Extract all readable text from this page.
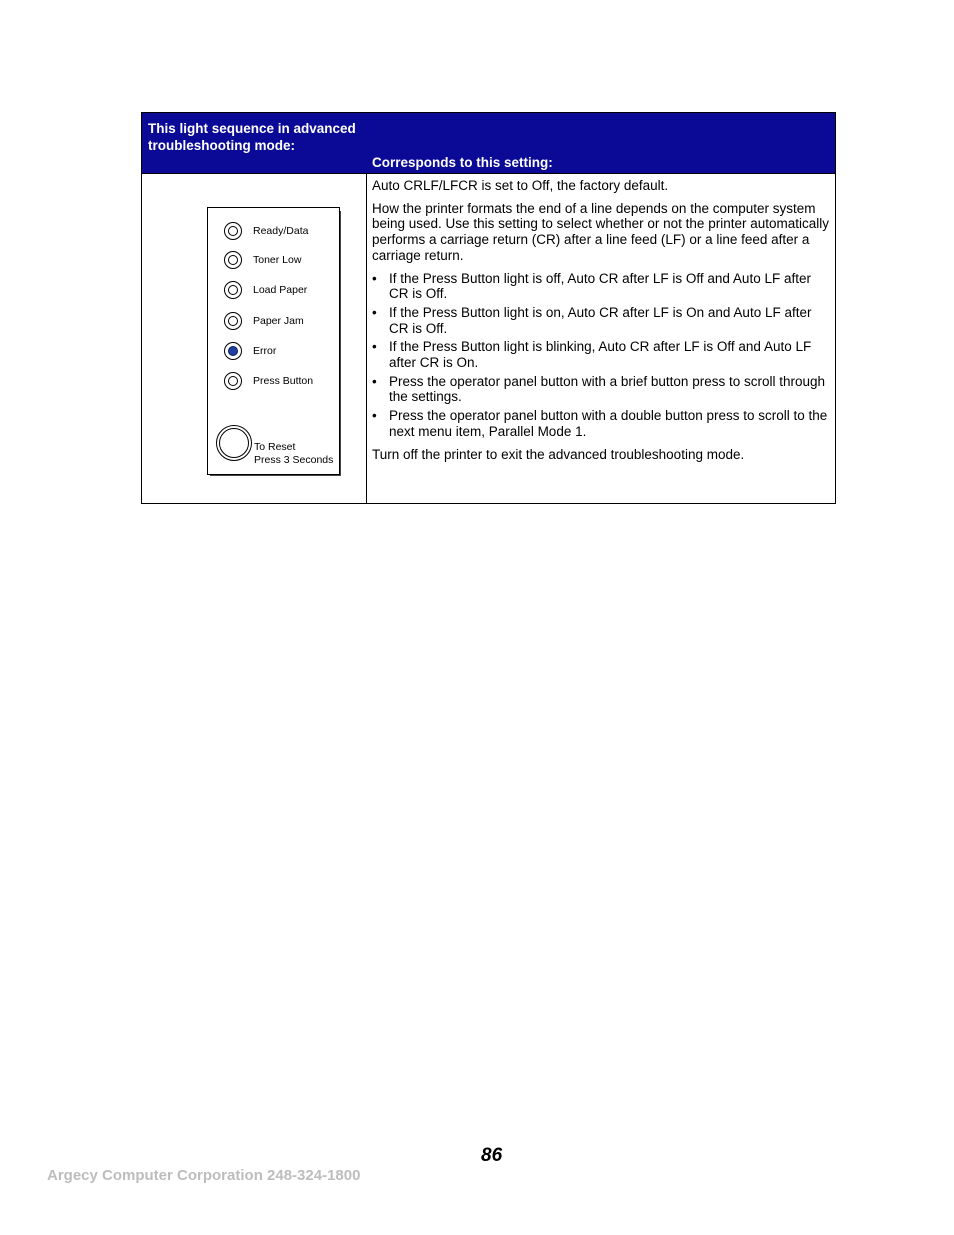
This light sequence in advanced troubleshooting mode:
Corresponds to this setting:
Ready/Data
Toner Low
Load Paper
Paper Jam
Error
Press Button
To Reset
Press 3 Seconds

Auto CRLF/LFCR is set to Off, the factory default.

How the printer formats the end of a line depends on the computer system being used. Use this setting to select whether or not the printer automatically performs a carriage return (CR) after a line feed (LF) or a line feed after a carriage return.

• If the Press Button light is off, Auto CR after LF is Off and Auto LF after CR is Off.
• If the Press Button light is on, Auto CR after LF is On and Auto LF after CR is Off.
• If the Press Button light is blinking, Auto CR after LF is Off and Auto LF after CR is On.
• Press the operator panel button with a brief button press to scroll through the settings.
• Press the operator panel button with a double button press to scroll to the next menu item, Parallel Mode 1.

Turn off the printer to exit the advanced troubleshooting mode.

86
Argecy Computer Corporation 248-324-1800
